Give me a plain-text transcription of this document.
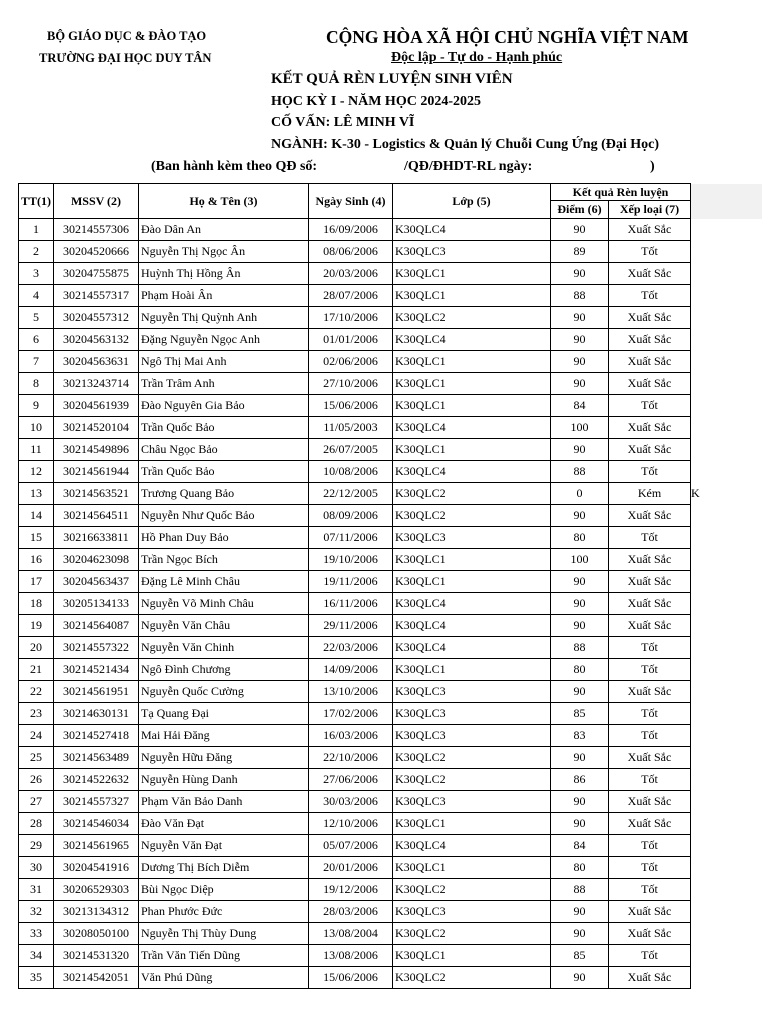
BỘ GIÁO DỤC & ĐÀO TẠO
TRƯỜNG ĐẠI HỌC DUY TÂN
CỘNG HÒA XÃ HỘI CHỦ NGHĨA VIỆT NAM
Độc lập - Tự do - Hạnh phúc
KẾT QUẢ RÈN LUYỆN SINH VIÊN
HỌC KỲ I - NĂM HỌC 2024-2025
CỐ VẤN: LÊ MINH VĨ
NGÀNH: K-30 - Logistics & Quản lý Chuỗi Cung Ứng (Đại Học)
(Ban hành kèm theo QĐ số:	/QĐ/ĐHDT-RL ngày:	)
TT(1)	MSSV (2)	Họ & Tên (3)	Ngày Sinh (4)	Lớp (5)	Kết quả Rèn luyện		
					Điểm (6)	Xếp loại (7)	
1	30214557306	Đào Dân An	16/09/2006	K30QLC4	90	Xuất Sắc	
2	30204520666	Nguyễn Thị Ngọc Ân	08/06/2006	K30QLC3	89	Tốt	
3	30204755875	Huỳnh Thị Hồng Ân	20/03/2006	K30QLC1	90	Xuất Sắc	
4	30214557317	Phạm Hoài Ân	28/07/2006	K30QLC1	88	Tốt	
5	30204557312	Nguyễn Thị Quỳnh Anh	17/10/2006	K30QLC2	90	Xuất Sắc	
6	30204563132	Đặng Nguyễn Ngọc Anh	01/01/2006	K30QLC4	90	Xuất Sắc	
7	30204563631	Ngô Thị Mai Anh	02/06/2006	K30QLC1	90	Xuất Sắc	
8	30213243714	Trần Trâm Anh	27/10/2006	K30QLC1	90	Xuất Sắc	
9	30204561939	Đào Nguyên Gia Bảo	15/06/2006	K30QLC1	84	Tốt	
10	30214520104	Trần Quốc Bảo	11/05/2003	K30QLC4	100	Xuất Sắc	
11	30214549896	Châu Ngọc Bảo	26/07/2005	K30QLC1	90	Xuất Sắc	
12	30214561944	Trần Quốc Bảo	10/08/2006	K30QLC4	88	Tốt	
13	30214563521	Trương Quang Bảo	22/12/2005	K30QLC2	0	Kém	
14	30214564511	Nguyễn Như Quốc Bảo	08/09/2006	K30QLC2	90	Xuất Sắc	
15	30216633811	Hồ Phan Duy Bảo	07/11/2006	K30QLC3	80	Tốt	
16	30204623098	Trần Ngọc Bích	19/10/2006	K30QLC1	100	Xuất Sắc	
17	30204563437	Đặng Lê Minh Châu	19/11/2006	K30QLC1	90	Xuất Sắc	
18	30205134133	Nguyễn Võ Minh Châu	16/11/2006	K30QLC4	90	Xuất Sắc	
19	30214564087	Nguyễn Văn Châu	29/11/2006	K30QLC4	90	Xuất Sắc	
20	30214557322	Nguyễn Văn Chinh	22/03/2006	K30QLC4	88	Tốt	
21	30214521434	Ngô Đình Chương	14/09/2006	K30QLC1	80	Tốt	
22	30214561951	Nguyễn Quốc Cường	13/10/2006	K30QLC3	90	Xuất Sắc	
23	30214630131	Tạ Quang Đại	17/02/2006	K30QLC3	85	Tốt	
24	30214527418	Mai Hải Đăng	16/03/2006	K30QLC3	83	Tốt	
25	30214563489	Nguyễn Hữu Đăng	22/10/2006	K30QLC2	90	Xuất Sắc	
26	30214522632	Nguyễn Hùng Danh	27/06/2006	K30QLC2	86	Tốt	
27	30214557327	Phạm Văn Bảo Danh	30/03/2006	K30QLC3	90	Xuất Sắc	
28	30214546034	Đào Văn Đạt	12/10/2006	K30QLC1	90	Xuất Sắc	
29	30214561965	Nguyễn Văn Đạt	05/07/2006	K30QLC4	84	Tốt	
30	30204541916	Dương Thị Bích Diễm	20/01/2006	K30QLC1	80	Tốt	
31	30206529303	Bùi Ngọc Diệp	19/12/2006	K30QLC2	88	Tốt	
32	30213134312	Phan Phước Đức	28/03/2006	K30QLC3	90	Xuất Sắc	
33	30208050100	Nguyễn Thị Thùy Dung	13/08/2004	K30QLC2	90	Xuất Sắc	
34	30214531320	Trần Văn Tiến Dũng	13/08/2006	K30QLC1	85	Tốt	
35	30214542051	Văn Phú Dũng	15/06/2006	K30QLC2	90	Xuất Sắc	
K
